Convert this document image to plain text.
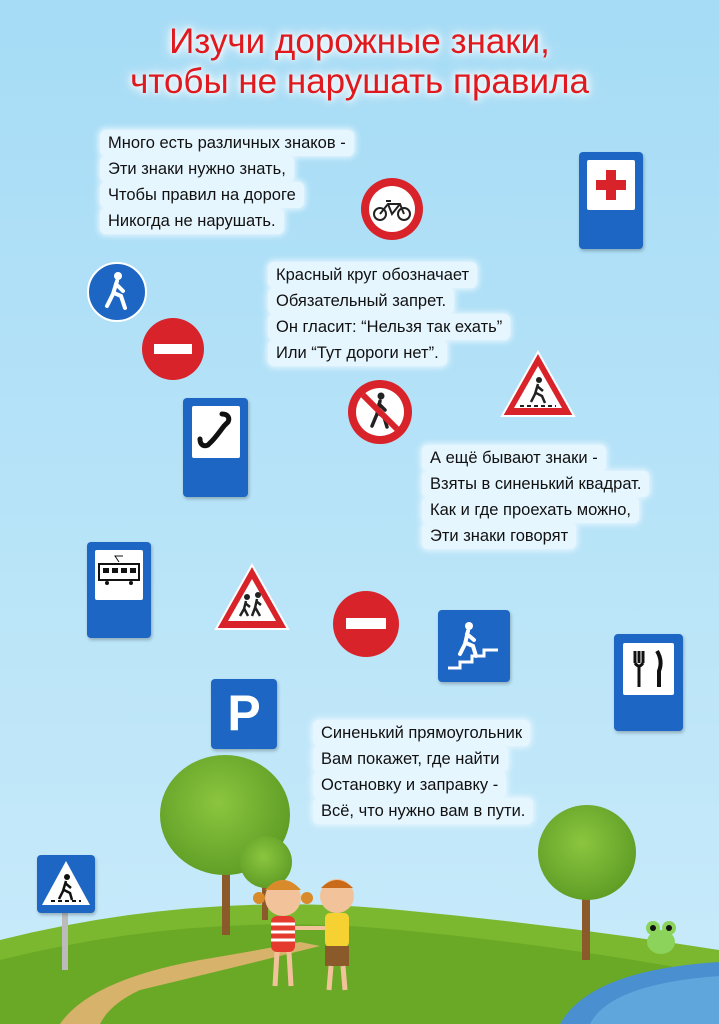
Изучи дорожные знаки,
чтобы не нарушать правила
Много есть различных знаков -
Эти знаки нужно знать,
Чтобы правил на дороге
Никогда не нарушать.
Красный круг обозначает
Обязательный запрет.
Он гласит: “Нельзя так ехать”
Или “Тут дороги нет”.
А ещё бывают знаки -
Взяты в синенький квадрат.
Как и где проехать можно,
Эти знаки говорят
Синенький прямоугольник
Вам покажет, где найти
Остановку и заправку -
Всё, что нужно вам в пути.
P
